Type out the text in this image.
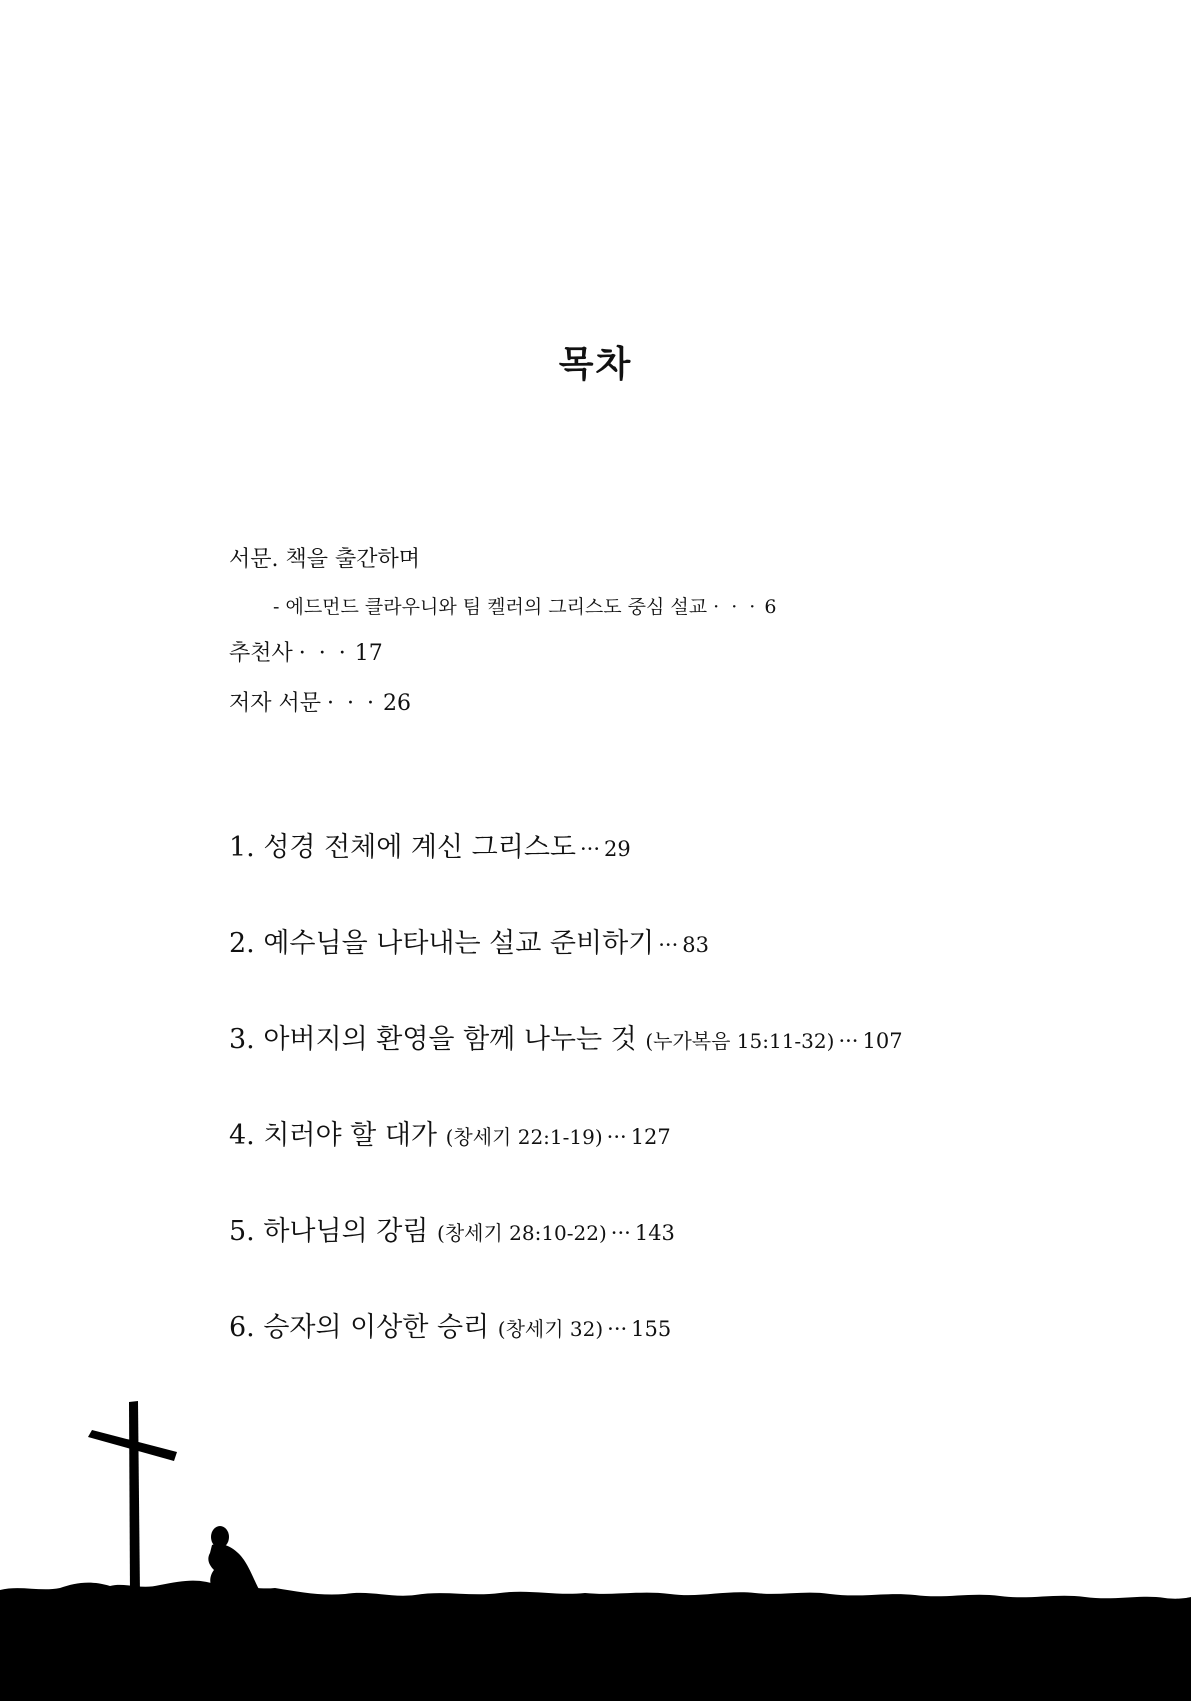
목차
서문. 책을 출간하며
- 에드먼드 클라우니와 팀 켈러의 그리스도 중심 설교 · · · 6
추천사 · · · 17
저자 서문 · · · 26
1. 성경 전체에 계신 그리스도 ··· 29
2. 예수님을 나타내는 설교 준비하기 ··· 83
3. 아버지의 환영을 함께 나누는 것 (누가복음 15:11-32) ··· 107
4. 치러야 할 대가 (창세기 22:1-19) ··· 127
5. 하나님의 강림 (창세기 28:10-22) ··· 143
6. 승자의 이상한 승리 (창세기 32) ··· 155
